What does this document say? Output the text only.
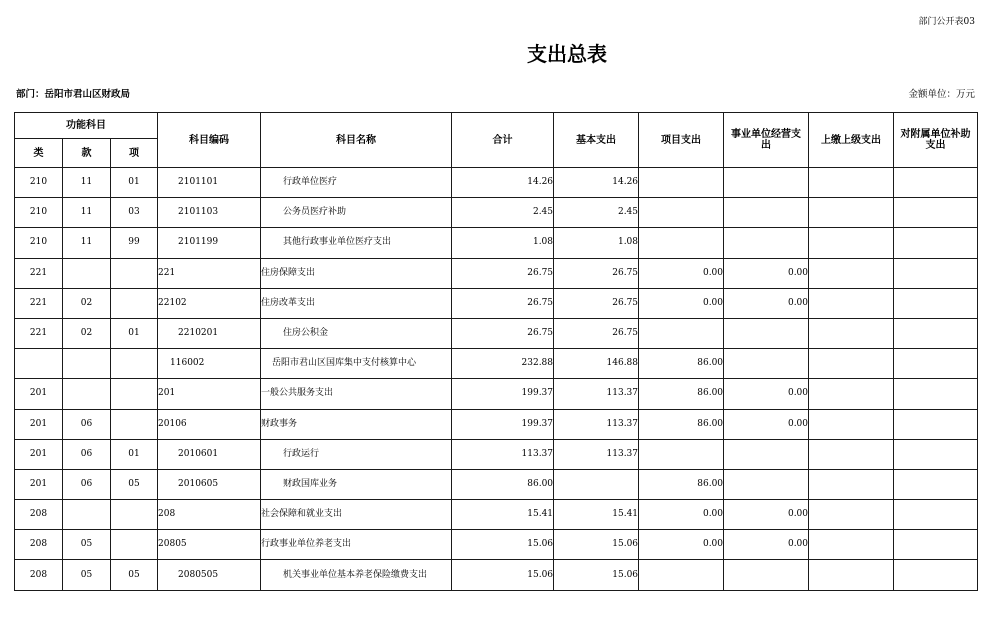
部门公开表03
支出总表
部门：岳阳市君山区财政局	金额单位：万元
功能科目			科目编码	科目名称	合计	基本支出	项目支出	事业单位经营支出	上缴上级支出	对附属单位补助支出
类	款	项								
210	11	01	2101101	行政单位医疗	14.26	14.26				
210	11	03	2101103	公务员医疗补助	2.45	2.45				
210	11	99	2101199	其他行政事业单位医疗支出	1.08	1.08				
221			221	住房保障支出	26.75	26.75	0.00	0.00		
221	02		22102	住房改革支出	26.75	26.75	0.00	0.00		
221	02	01	2210201	住房公积金	26.75	26.75				
			116002	岳阳市君山区国库集中支付核算中心	232.88	146.88	86.00			
201			201	一般公共服务支出	199.37	113.37	86.00	0.00		
201	06		20106	财政事务	199.37	113.37	86.00	0.00		
201	06	01	2010601	行政运行	113.37	113.37				
201	06	05	2010605	财政国库业务	86.00		86.00			
208			208	社会保障和就业支出	15.41	15.41	0.00	0.00		
208	05		20805	行政事业单位养老支出	15.06	15.06	0.00	0.00		
208	05	05	2080505	机关事业单位基本养老保险缴费支出	15.06	15.06				
